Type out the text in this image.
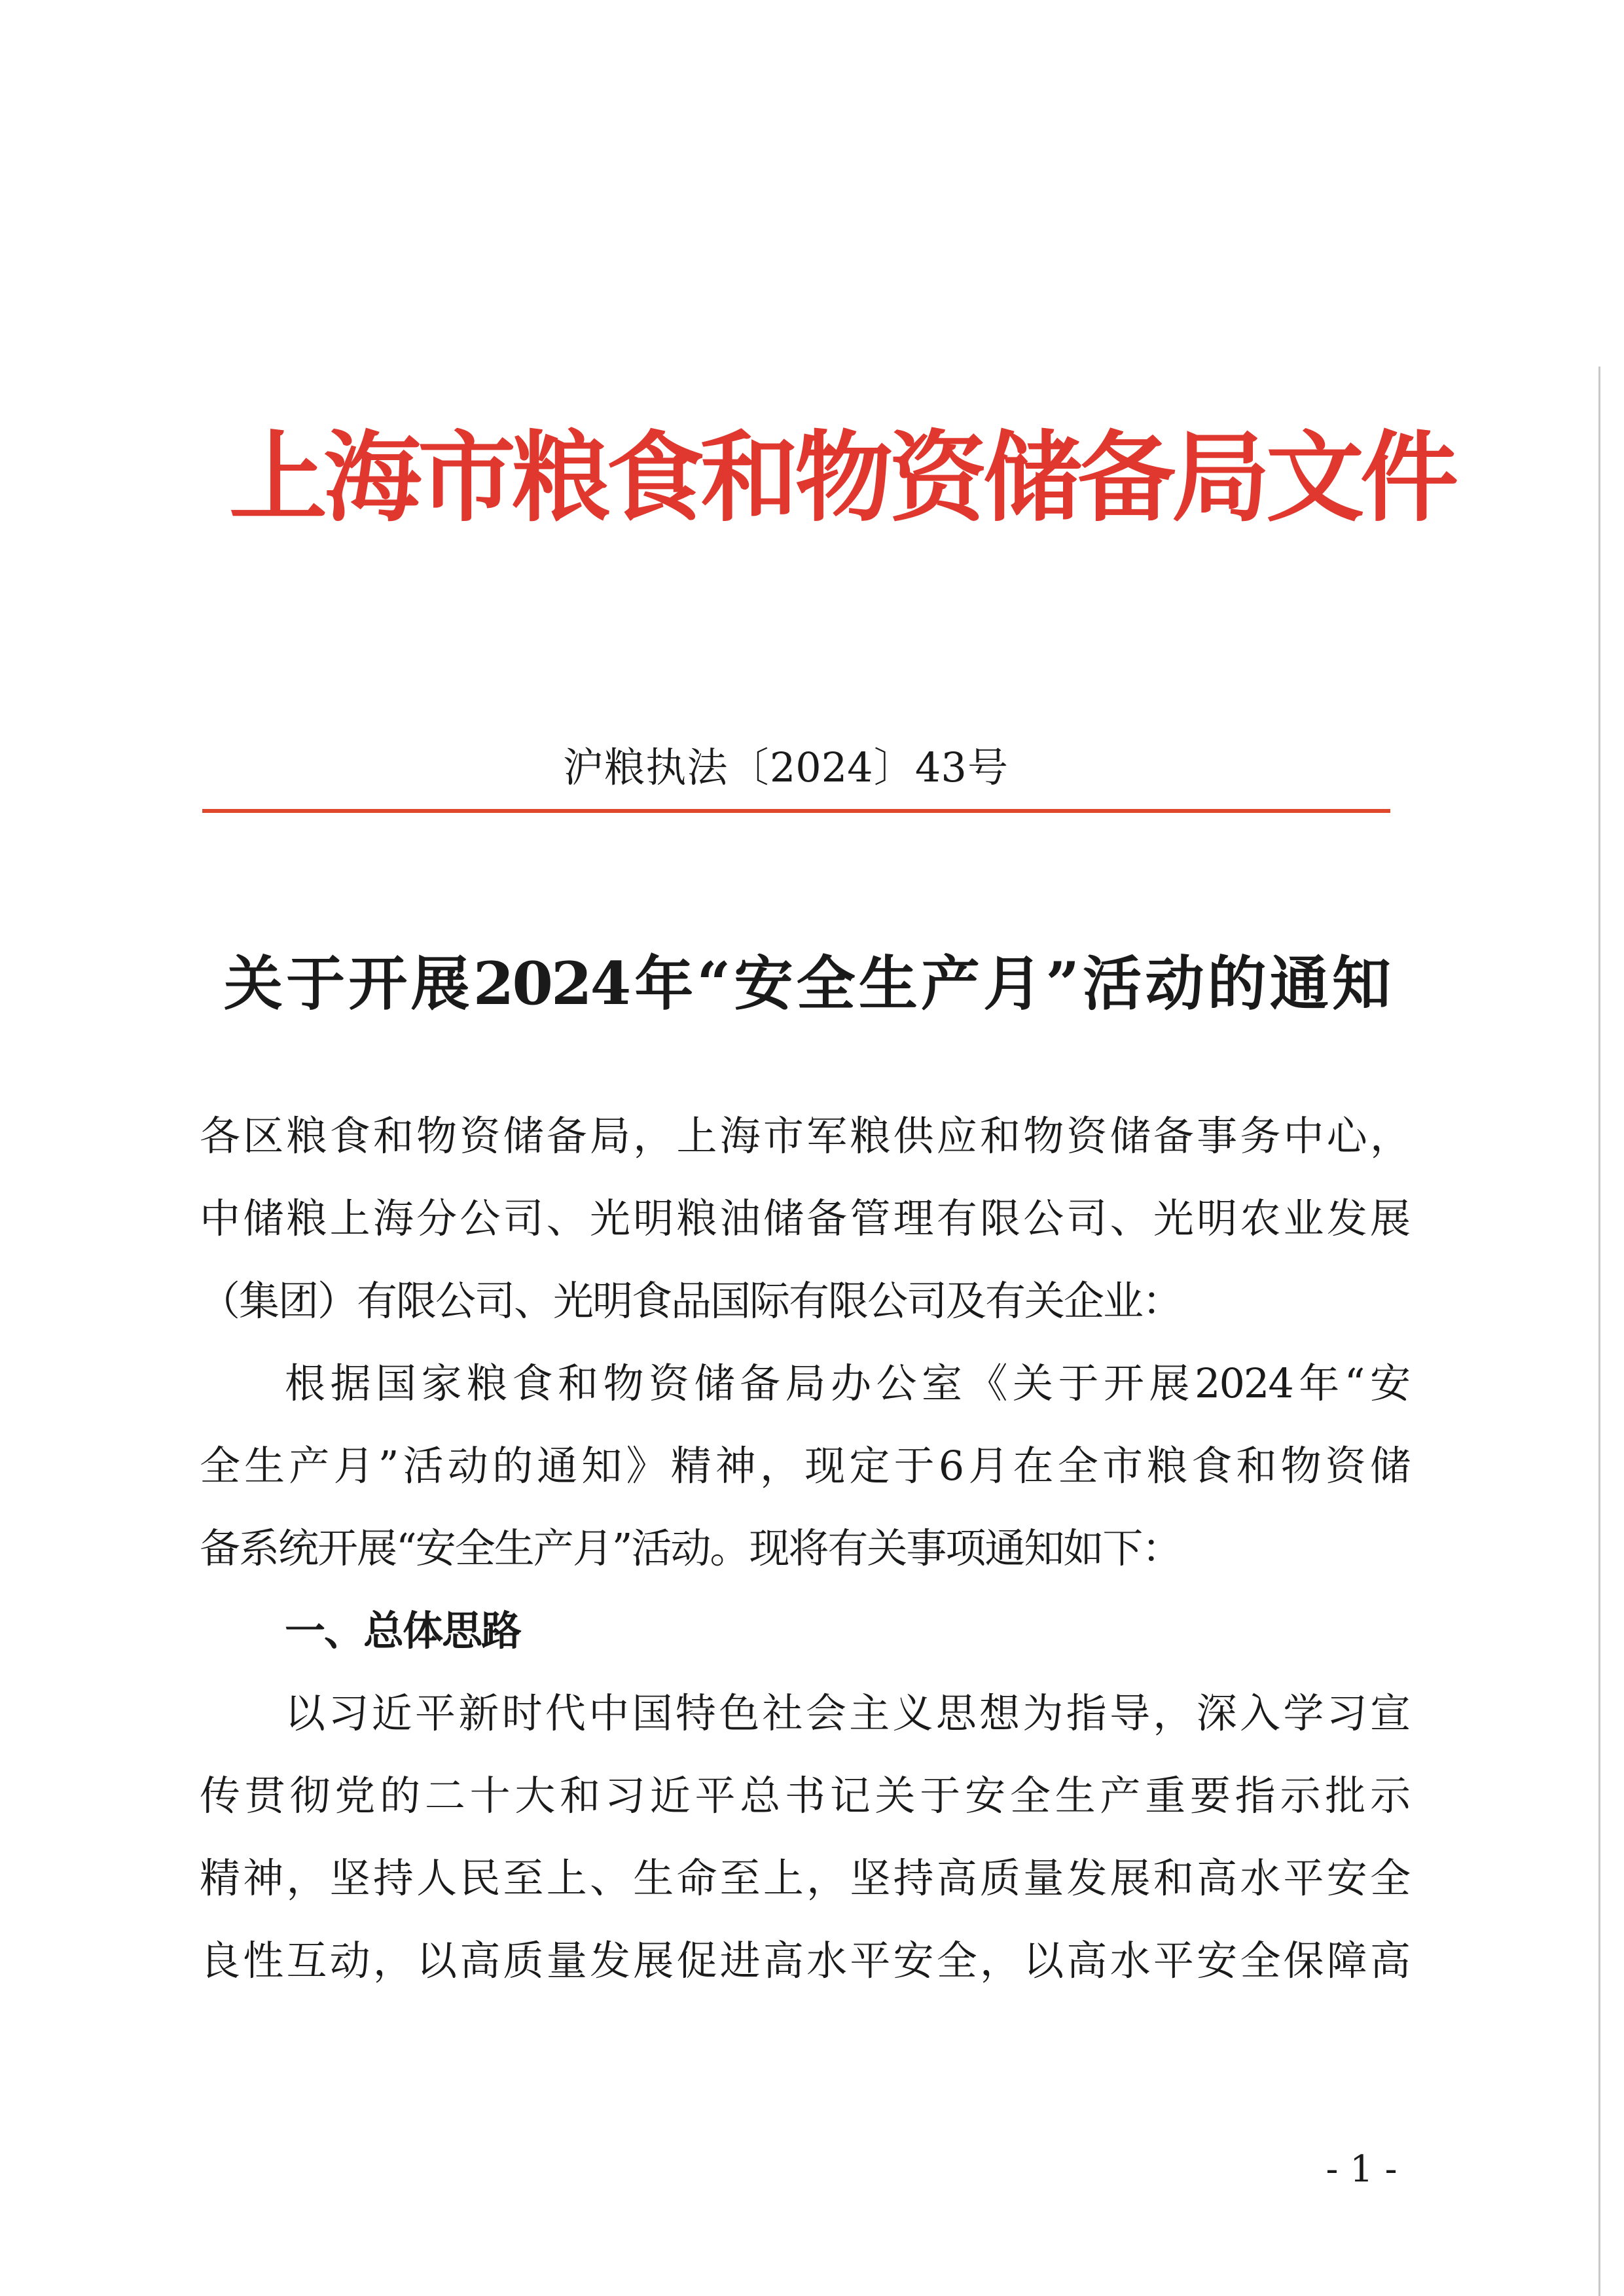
上海市粮食和物资储备局文件
沪粮执法〔2024〕43号
关于开展2024年“安全生产月”活动的通知
各区粮食和物资储备局，上海市军粮供应和物资储备事务中心，
中储粮上海分公司、光明粮油储备管理有限公司、光明农业发展
（集团）有限公司、光明食品国际有限公司及有关企业：
根据国家粮食和物资储备局办公室《关于开展2024年“安
全生产月”活动的通知》精神，现定于6月在全市粮食和物资储
备系统开展“安全生产月”活动。现将有关事项通知如下：
一、总体思路
以习近平新时代中国特色社会主义思想为指导，深入学习宣
传贯彻党的二十大和习近平总书记关于安全生产重要指示批示
精神，坚持人民至上、生命至上，坚持高质量发展和高水平安全
良性互动，以高质量发展促进高水平安全，以高水平安全保障高
- 1 -
